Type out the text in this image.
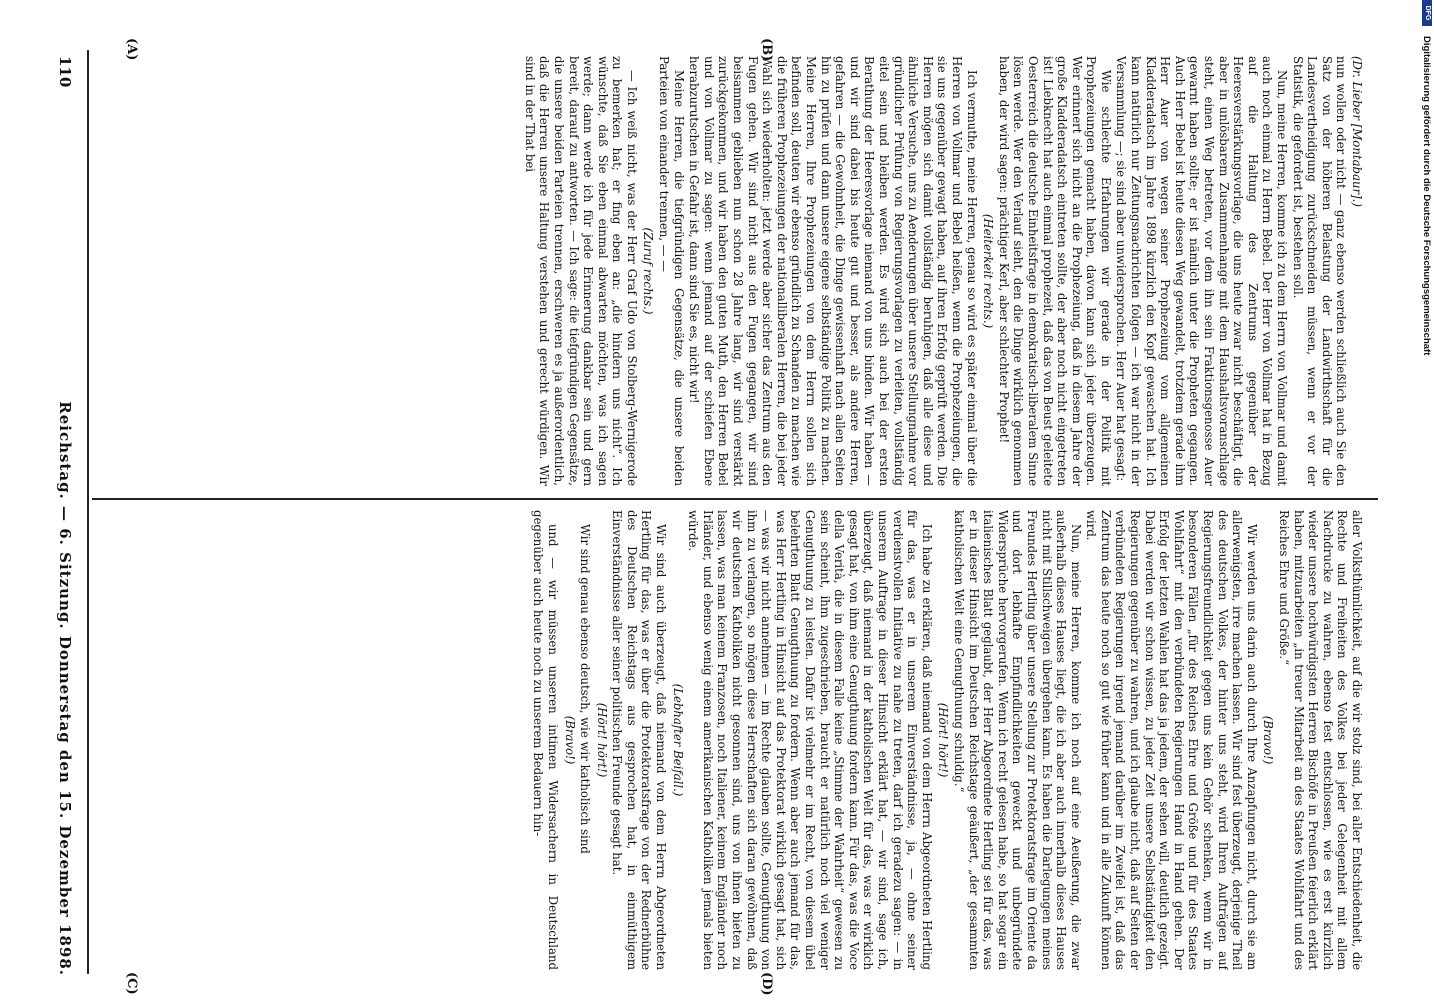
DFG
Digitalisierung gefördert durch die Deutsche Forschungsgemeinschaft
110
Reichstag. — 6. Sitzung. Donnerstag den 15. Dezember 1898.
(A)	(B)
(C)	(D)

(Dr. Lieber [Montabaur].)

nun wollen oder nicht — ganz ebenso werden schließlich auch Sie den Satz von der höheren Belastung der Landwirthschaft für die Landesvertheidigung zurückschneiden müssen, wenn er vor der Statistik, die gefordert ist, bestehen soll.

Nun, meine Herren, komme ich zu dem Herrn von Vollmar und damit auch noch einmal zu Herrn Bebel. Der Herr von Vollmar hat in Bezug auf die Haltung des Zentrums gegenüber der Heeresverstärkungsvorlage, die uns heute zwar nicht beschäftigt, die aber in unlösbarem Zusammenhange mit dem Haushaltsvoranschlage steht, einen Weg betreten, vor dem ihn sein Fraktionsgenosse Auer gewarnt haben sollte; er ist nämlich unter die Propheten gegangen. Auch Herr Bebel ist heute diesen Weg gewandelt, trotzdem gerade ihm Herr Auer von wegen seiner Prophezeiung vom allgemeinen Kladderadatsch im Jahre 1898 kürzlich den Kopf gewaschen hat. Ich kann natürlich nur Zeitungsnachrichten folgen — ich war nicht in der Versammlung —; sie sind aber unwidersprochen. Herr Auer hat gesagt:

Wie schlechte Erfahrungen wir gerade in der Politik mit Prophezeiungen gemacht haben, davon kann sich jeder überzeugen. Wer erinnert sich nicht an die Prophezeiung, daß in diesem Jahre der große Kladderadatsch eintreten sollte, der aber noch nicht eingetreten ist! Liebknecht hat auch einmal prophezeit, daß das von Beust geleitete Oesterreich die deutsche Einheitsfrage in demokratisch-liberalem Sinne lösen werde. Wer den Verlauf sieht, den die Dinge wirklich genommen haben, der wird sagen: prächtiger Kerl, aber schlechter Prophet!

(Heiterkeit rechts.)

Ich vermuthe, meine Herren, genau so wird es später einmal über die Herren von Vollmar und Bebel heißen, wenn die Prophezeiungen, die sie uns gegenüber gewagt haben, auf ihren Erfolg geprüft werden. Die Herren mögen sich damit vollständig beruhigen, daß alle diese und ähnliche Versuche, uns zu Aenderungen über unsere Stellungnahme vor gründlicher Prüfung von Regierungsvorlagen zu verleiten, vollständig eitel sein und bleiben werden. Es wird sich auch bei der ersten Berathung der Heeresvorlage niemand von uns binden. Wir haben — und wir sind dabei bis heute gut und besser, als andere Herren, gefahren — die Gewohnheit, die Dinge gewissenhaft nach allen Seiten hin zu prüfen und dann unsere eigene selbständige Politik zu machen. Meine Herren, Ihre Prophezeiungen von dem Herrn sollen sich befinden soll, deuten wir ebenso gründlich zu Schanden zu machen wie die früheren Prophezeiungen der nationalliberalen Herren, die bei jeder Wahl sich wiederholten: jetzt werde aber sicher das Zentrum aus den Fugen gehen. Wir sind nicht aus den Fugen gegangen, wir sind beisammen geblieben nun schon 28 Jahre lang, wir sind verstärkt zurückgekommen, und wir haben den guten Muth, den Herren Bebel und von Vollmar zu sagen: wenn jemand auf der schiefen Ebene herabzurutschen in Gefahr ist, dann sind Sie es, nicht wir!

Meine Herren, die tiefgründigen Gegensätze, die unsere beiden Parteien von einander trennen, — —

(Zuruf rechts.)

— Ich weiß nicht, was der Herr Graf Udo von Stolberg-Wernigerode zu bemerken hat; er fing eben an: „die hindern uns nicht“. Ich wünschte, daß Sie eben einmal abwarten möchten, was ich sagen werde; dann werde ich für jede Erinnerung dankbar sein und gern bereit, darauf zu antworten. — Ich sage: die tiefgründigen Gegensätze, die unsere beiden Parteien trennen, erschweren es ja außerordentlich, daß die Herren unsere Haltung verstehen und gerecht würdigen. Wir sind in der That bei

aller Volksthümlichkeit, auf die wir stolz sind, bei aller Entschiedenheit, die Rechte und Freiheiten des Volkes bei jeder Gelegenheit mit allem Nachdrucke zu wahren, ebenso fest entschlossen, wie es erst kürzlich wieder unsere hochwürdigsten Herren Bischöfe in Preußen feierlich erklärt haben, mitzuarbeiten „in treuer Mitarbeit an des Staates Wohlfahrt und des Reiches Ehre und Größe.“

(Bravo!)

Wir werden uns darin auch durch Ihre Anzapfungen nicht, durch sie am allerwenigsten, irre machen lassen. Wir sind fest überzeugt, derjenige Theil des deutschen Volkes, der hinter uns steht, wird Ihren Aufträgen auf Regierungsfreundlichkeit gegen uns kein Gehör schenken, wenn wir in besonderen Fällen „für des Reiches Ehre und Größe und für des Staates Wohlfahrt“ mit den verbündeten Regierungen Hand in Hand gehen. Der Erfolg der letzten Wahlen hat das ja jedem, der sehen will, deutlich gezeigt. Dabei werden wir schon wissen, zu jeder Zeit unsere Selbständigkeit den Regierungen gegenüber zu wahren, und ich glaube nicht, daß auf Seiten der verbündeten Regierungen irgend jemand darüber im Zweifel ist, daß das Zentrum das heute noch so gut wie früher kann und in alle Zukunft können wird.

Nun, meine Herren, komme ich noch auf eine Aeußerung, die zwar außerhalb dieses Hauses liegt, die ich aber auch innerhalb dieses Hauses nicht mit Stillschweigen übergehen kann. Es haben die Darlegungen meines Freundes Hertling über unsere Stellung zur Protektoratsfrage im Oriente da und dort lebhafte Empfindlichkeiten geweckt und unbegründete Widersprüche hervorgerufen. Wenn ich recht gelesen habe, so hat sogar ein italienisches Blatt geglaubt, der Herr Abgeordnete Hertling sei für das, was er in dieser Hinsicht im Deutschen Reichstage geäußert, „der gesammten katholischen Welt eine Genugthuung schuldig.“

(Hört! hört!)

Ich habe zu erklären, daß niemand von dem Herrn Abgeordneten Hertling für das, was er in unserem Einverständnisse, ja, — ohne seiner verdienstvollen Initiative zu nahe zu treten, darf ich geradezu sagen: — in unserem Auftrage in dieser Hinsicht erklärt hat, — wir sind, sage ich, überzeugt, daß niemand in der katholischen Welt für das, was er wirklich gesagt hat, von ihm eine Genugthuung fordern kann. Für das, was die Voce della Verità, die in diesem Falle keine „Stimme der Wahrheit“ gewesen zu sein scheint, ihm zugeschrieben, braucht er natürlich noch viel weniger Genugthuung zu leisten. Dafür ist vielmehr er im Recht, von diesem übel belehrten Blatt Genugthuung zu fordern. Wenn aber auch jemand für das, was Herr Hertling in Hinsicht auf das Protektorat wirklich gesagt hat, sich — was wir nicht annehmen — im Rechte glauben sollte, Genugthuung von ihm zu verlangen, so mögen diese Herrschaften sich daran gewöhnen, daß wir deutschen Katholiken nicht gesonnen sind, uns von ihnen bieten zu lassen, was man keinem Franzosen, noch Italiener, keinem Engländer noch Irländer, und ebenso wenig einem amerikanischen Katholiken jemals bieten würde.

(Lebhafter Beifall.)

Wir sind auch überzeugt, daß niemand von dem Herrn Abgeordneten Hertling für das, was er über die Protektoratsfrage von der Rednerbühne des Deutschen Reichstags aus gesprochen hat, in einmüthigem Einverständnisse aller seiner politischen Freunde gesagt hat.

(Hört! hört!)

Wir sind genau ebenso deutsch, wie wir katholisch sind

(Bravo!)

und — wir müssen unseren intimen Widersachern in Deutschland gegenüber auch heute noch zu unserem Bedauern hin-
